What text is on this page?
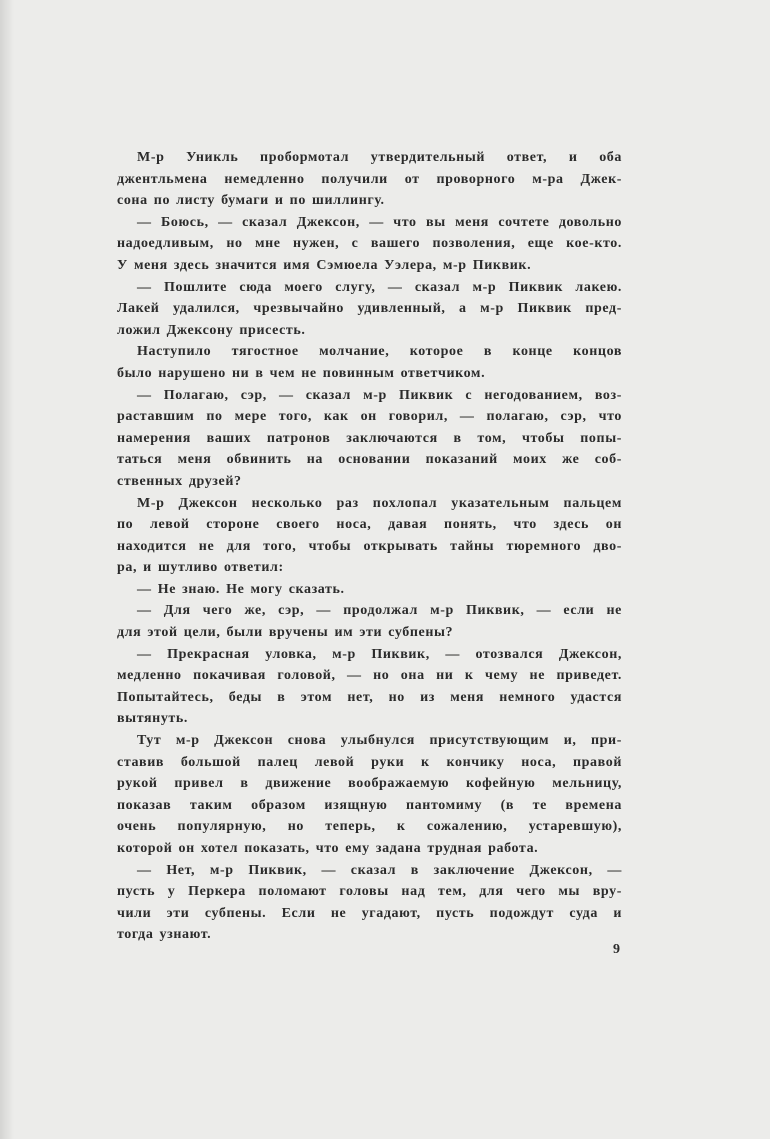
М-р Уникль пробормотал утвердительный ответ, и оба
джентльмена немедленно получили от проворного м-ра Джек-
сона по листу бумаги и по шиллингу.
— Боюсь, — сказал Джексон, — что вы меня сочтете довольно
надоедливым, но мне нужен, с вашего позволения, еще кое-кто.
У меня здесь значится имя Сэмюела Уэлера, м-р Пиквик.
— Пошлите сюда моего слугу, — сказал м-р Пиквик лакею.
Лакей удалился, чрезвычайно удивленный, а м-р Пиквик пред-
ложил Джексону присесть.
Наступило тягостное молчание, которое в конце концов
было нарушено ни в чем не повинным ответчиком.
— Полагаю, сэр, — сказал м-р Пиквик с негодованием, воз-
раставшим по мере того, как он говорил, — полагаю, сэр, что
намерения ваших патронов заключаются в том, чтобы попы-
таться меня обвинить на основании показаний моих же соб-
ственных друзей?
М-р Джексон несколько раз похлопал указательным пальцем
по левой стороне своего носа, давая понять, что здесь он
находится не для того, чтобы открывать тайны тюремного дво-
ра, и шутливо ответил:
— Не знаю. Не могу сказать.
— Для чего же, сэр, — продолжал м-р Пиквик, — если не
для этой цели, были вручены им эти субпены?
— Прекрасная уловка, м-р Пиквик, — отозвался Джексон,
медленно покачивая головой, — но она ни к чему не приведет.
Попытайтесь, беды в этом нет, но из меня немного удастся
вытянуть.
Тут м-р Джексон снова улыбнулся присутствующим и, при-
ставив большой палец левой руки к кончику носа, правой
рукой привел в движение воображаемую кофейную мельницу,
показав таким образом изящную пантомиму (в те времена
очень популярную, но теперь, к сожалению, устаревшую),
которой он хотел показать, что ему задана трудная работа.
— Нет, м-р Пиквик, — сказал в заключение Джексон, —
пусть у Перкера поломают головы над тем, для чего мы вру-
чили эти субпены. Если не угадают, пусть подождут суда и
тогда узнают.
9
